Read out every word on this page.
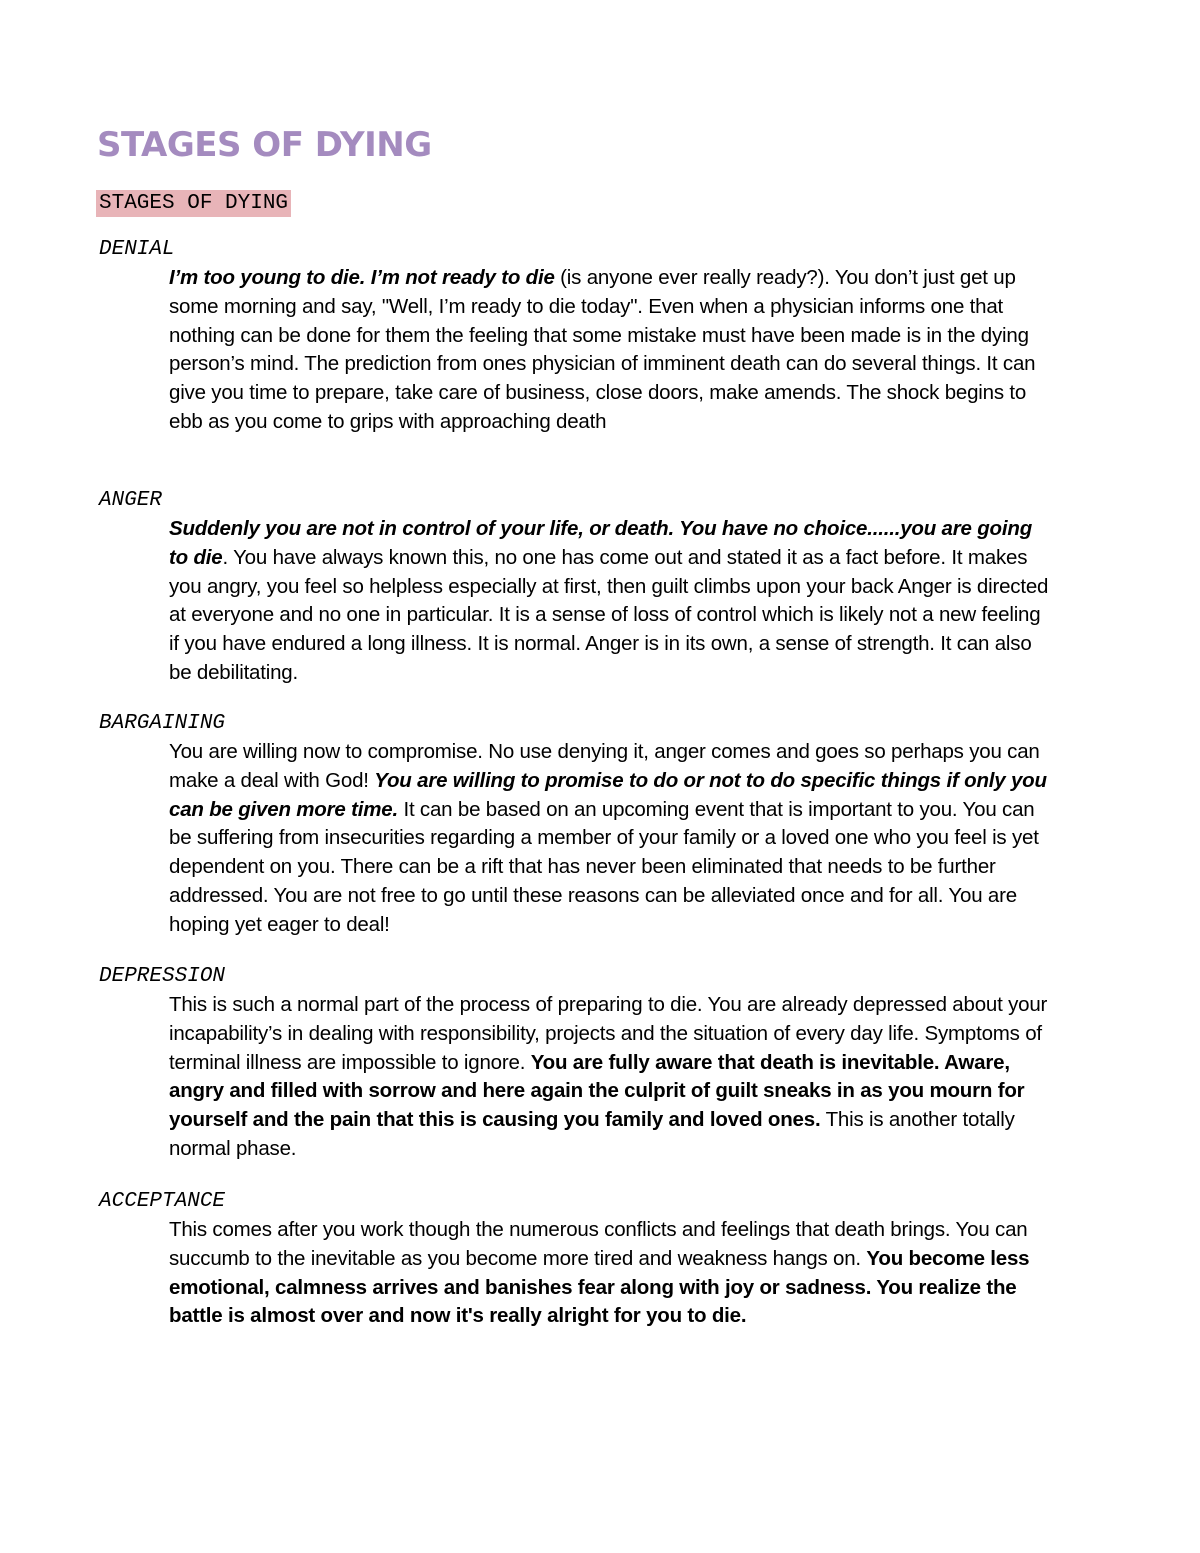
STAGES OF DYING
STAGES OF DYING
DENIAL

I’m too young to die. I’m not ready to die (is anyone ever really ready?). You don’t just get up some morning and say, "Well, I’m ready to die today". Even when a physician informs one that nothing can be done for them the feeling that some mistake must have been made is in the dying person’s mind. The prediction from ones physician of imminent death can do several things. It can give you time to prepare, take care of business, close doors, make amends. The shock begins to ebb as you come to grips with approaching death

ANGER

Suddenly you are not in control of your life, or death. You have no choice......you are going to die. You have always known this, no one has come out and stated it as a fact before. It makes you angry, you feel so helpless especially at first, then guilt climbs upon your back Anger is directed at everyone and no one in particular. It is a sense of loss of control which is likely not a new feeling if you have endured a long illness. It is normal. Anger is in its own, a sense of strength. It can also be debilitating.

BARGAINING

You are willing now to compromise. No use denying it, anger comes and goes so perhaps you can make a deal with God! You are willing to promise to do or not to do specific things if only you can be given more time. It can be based on an upcoming event that is important to you. You can be suffering from insecurities regarding a member of your family or a loved one who you feel is yet dependent on you. There can be a rift that has never been eliminated that needs to be further addressed. You are not free to go until these reasons can be alleviated once and for all. You are hoping yet eager to deal!

DEPRESSION

This is such a normal part of the process of preparing to die. You are already depressed about your incapability’s in dealing with responsibility, projects and the situation of every day life. Symptoms of terminal illness are impossible to ignore. You are fully aware that death is inevitable. Aware, angry and filled with sorrow and here again the culprit of guilt sneaks in as you mourn for yourself and the pain that this is causing you family and loved ones. This is another totally normal phase.

ACCEPTANCE

This comes after you work though the numerous conflicts and feelings that death brings. You can succumb to the inevitable as you become more tired and weakness hangs on. You become less emotional, calmness arrives and banishes fear along with joy or sadness. You realize the battle is almost over and now it's really alright for you to die.
